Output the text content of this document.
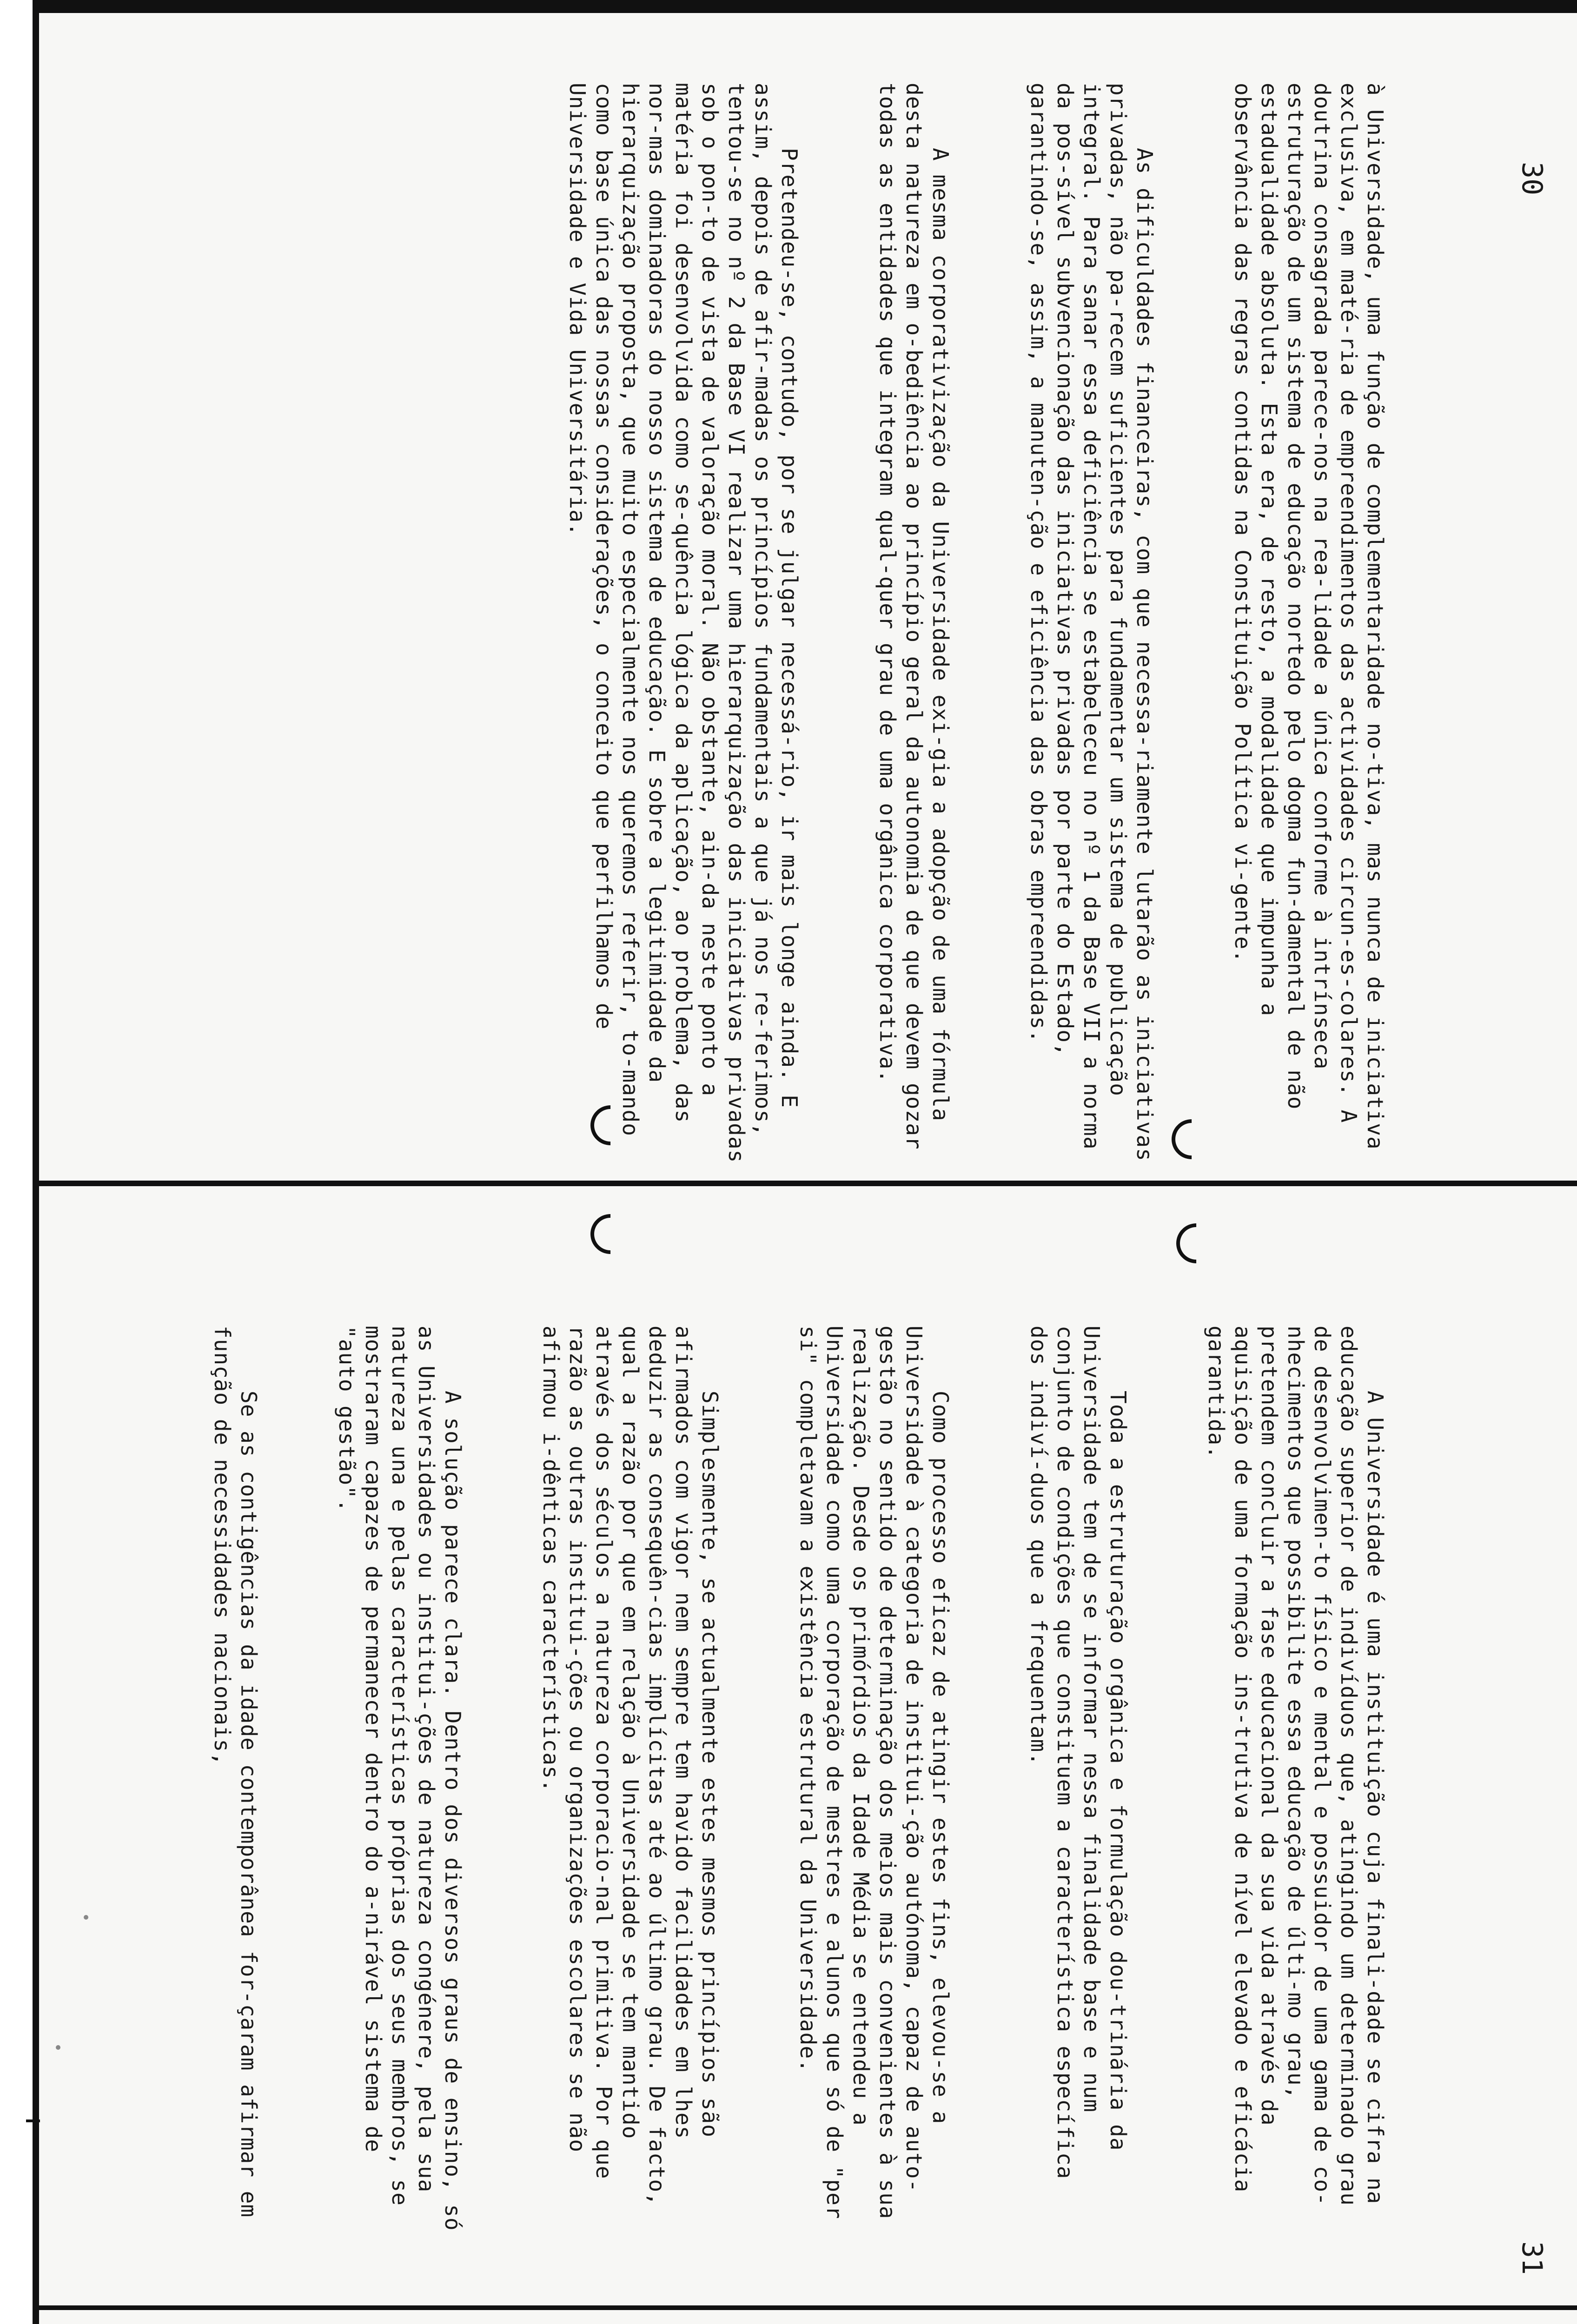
à Universidade, uma função de complementaridade no-tiva, mas nunca de iniciativa exclusiva, em maté-ria de empreendimentos das actividades circun-es-colares. A doutrina consagrada parece-nos na rea-lidade a única conforme à intrínseca estruturação de um sistema de educação nortedo pelo dogma fun-damental de não estadualidade absoluta. Esta era, de resto, a modalidade que impunha a observância das regras contidas na Constituição Política vi-gente.

As dificuldades financeiras, com que necessa-riamente lutarão as iniciativas privadas, não pa-recem suficientes para fundamentar um sistema de publicação integral. Para sanar essa deficiência se estabeleceu no nº 1 da Base VII a norma da pos-sível subvencionação das iniciativas privadas por parte do Estado, garantindo-se, assim, a manuten-ção e eficiência das obras empreendidas.

A mesma corporativização da Universidade exi-gia a adopção de uma fórmula desta natureza em o-bediência ao princípio geral da autonomia de que devem gozar todas as entidades que integram qual-quer grau de uma orgânica corporativa.

Pretendeu-se, contudo, por se julgar necessá-rio, ir mais longe ainda. E assim, depois de afir-madas os princípios fundamentais a que já nos re-ferimos, tentou-se no nº 2 da Base VI realizar uma hierarquização das iniciativas privadas sob o pon-to de vista de valoração moral. Não obstante, ain-da neste ponto a matéria foi desenvolvida como se-quência lógica da aplicação, ao problema, das nor-mas dominadoras do nosso sistema de educação. E sobre a legitimidade da hierarquização proposta, que muito especialmente nos queremos referir, to-mando como base única das nossas considerações, o conceito que perfilhamos de Universidade e Vida Universitária.

	30

A Universidade é uma instituição cuja finali-dade se cifra na educação superior de indivíduos que, atingindo um determinado grau de desenvolvimen-to físico e mental e possuidor de uma gama de co-nhecimentos que possibilite essa educação de últi-mo grau, pretendem concluir a fase educacional da sua vida através da aquisição de uma formação ins-trutiva de nível elevado e eficácia garantida.

Toda a estruturação orgânica e formulação dou-trinária da Universidade tem de se informar nessa finalidade base e num conjunto de condições que constituem a característica específica dos indiví-duos que a frequentam.

Como processo eficaz de atingir estes fins, elevou-se a Universidade à categoria de institui-ção autónoma, capaz de auto-gestão no sentido de determinação dos meios mais convenientes à sua realização. Desde os primórdios da Idade Média se entendeu a Universidade como uma corporação de mestres e alunos que só de "per si" completavam a existência estrutural da Universidade.

Simplesmente, se actualmente estes mesmos princípios são afirmados com vigor nem sempre tem havido facilidades em lhes deduzir as consequên-cias implícitas até ao último grau. De facto, qual a razão por que em relação à Universidade se tem mantido através dos séculos a natureza corporacio-nal primitiva. Por que razão as outras institui-ções ou organizações escolares se não afirmou i-dênticas características.

A solução parece clara. Dentro dos diversos graus de ensino, só as Universidades ou institui-ções de natureza congénere, pela sua natureza una e pelas características próprias dos seus membros, se mostraram capazes de permanecer dentro do a-nirável sistema de "auto gestão".

Se as contigências da idade contemporânea for-çaram afirmar em função de necessidades nacionais,

31
